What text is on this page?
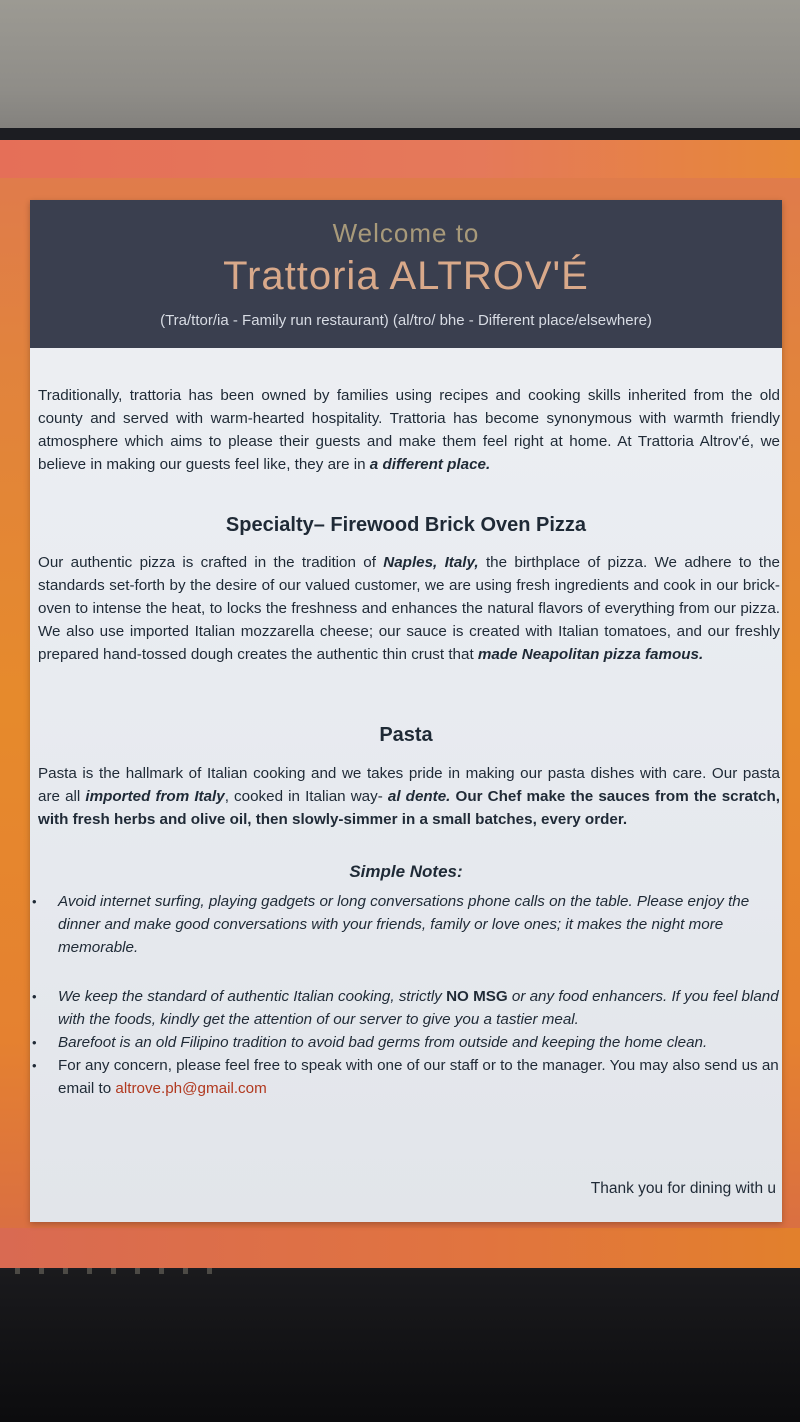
Welcome to
Trattoria ALTROV'É
(Tra/ttor/ia - Family run restaurant) (al/tro/ bhe - Different place/elsewhere)
Traditionally, trattoria has been owned by families using recipes and cooking skills inherited from the old county and served with warm-hearted hospitality. Trattoria has become synonymous with warmth friendly atmosphere which aims to please their guests and make them feel right at home. At Trattoria Altrov'é, we believe in making our guests feel like, they are in a different place.
Specialty– Firewood Brick Oven Pizza
Our authentic pizza is crafted in the tradition of Naples, Italy, the birthplace of pizza. We adhere to the standards set-forth by the desire of our valued customer, we are using fresh ingredients and cook in our brick-oven to intense the heat, to locks the freshness and enhances the natural flavors of everything from our pizza. We also use imported Italian mozzarella cheese; our sauce is created with Italian tomatoes, and our freshly prepared hand-tossed dough creates the authentic thin crust that made Neapolitan pizza famous.
Pasta
Pasta is the hallmark of Italian cooking and we takes pride in making our pasta dishes with care. Our pasta are all imported from Italy, cooked in Italian way- al dente. Our Chef make the sauces from the scratch, with fresh herbs and olive oil, then slowly-simmer in a small batches, every order.
Simple Notes:
• Avoid internet surfing, playing gadgets or long conversations phone calls on the table. Please enjoy the dinner and make good conversations with your friends, family or love ones; it makes the night more memorable.
• We keep the standard of authentic Italian cooking, strictly NO MSG or any food enhancers. If you feel bland with the foods, kindly get the attention of our server to give you a tastier meal.
• Barefoot is an old Filipino tradition to avoid bad germs from outside and keeping the home clean.
• For any concern, please feel free to speak with one of our staff or to the manager. You may also send us an email to altrove.ph@gmail.com
Thank you for dining with u
